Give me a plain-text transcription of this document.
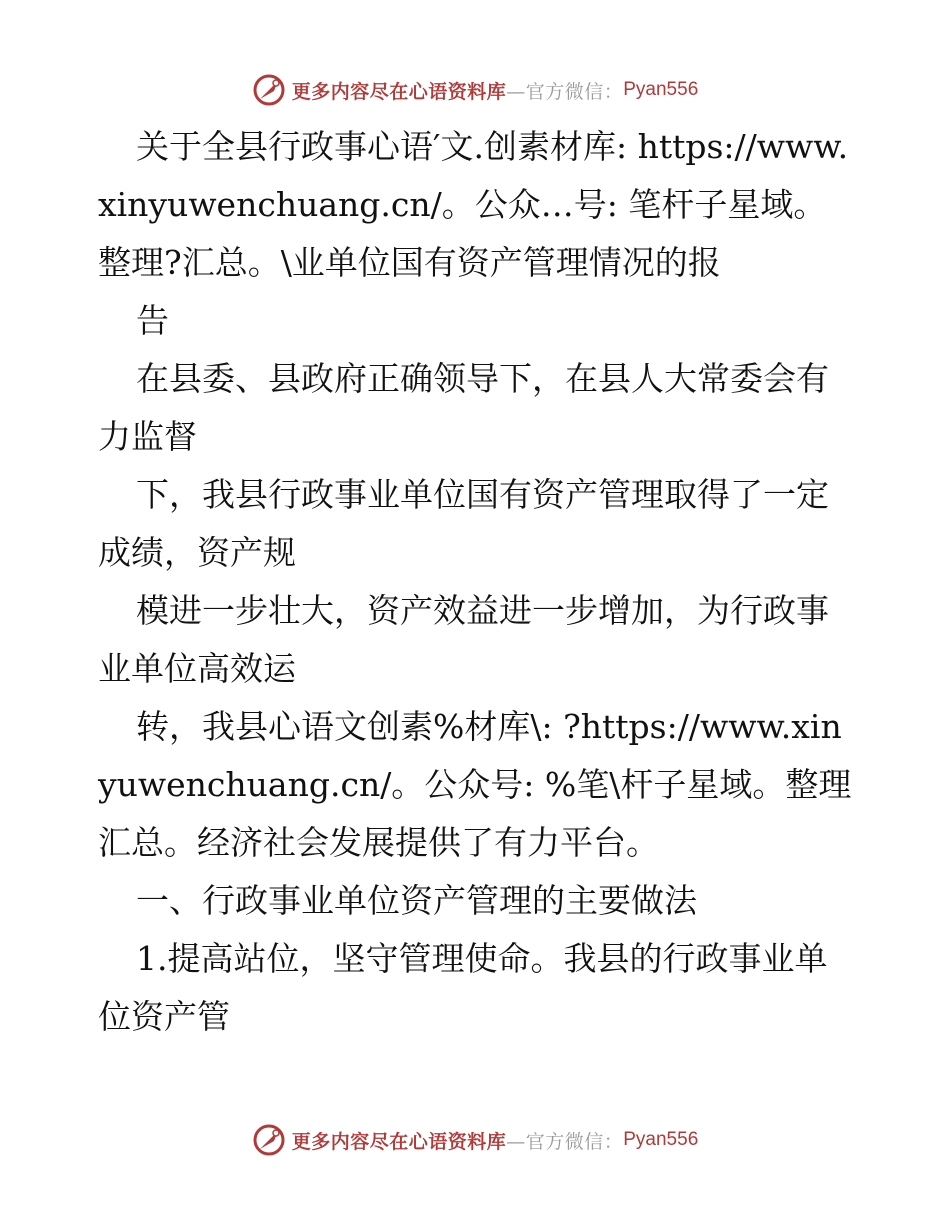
更多内容尽在心语资料库 —官方微信： Pyan556

关于全县行政事心语′文.创素材库: https://www.xinyuwenchuang.cn/。公众…号: 笔杆子星域。整理?汇总。\业单位国有资产管理情况的报

告

在县委、县政府正确领导下，在县人大常委会有力监督

下，我县行政事业单位国有资产管理取得了一定成绩，资产规

模进一步壮大，资产效益进一步增加，为行政事业单位高效运

转，我县心语文创素%材库\: ?https://www.xinyuwenchuang.cn/。公众号: %笔\杆子星域。整理汇总。经济社会发展提供了有力平台。

一、行政事业单位资产管理的主要做法

1.提高站位，坚守管理使命。我县的行政事业单位资产管

更多内容尽在心语资料库 —官方微信： Pyan556
